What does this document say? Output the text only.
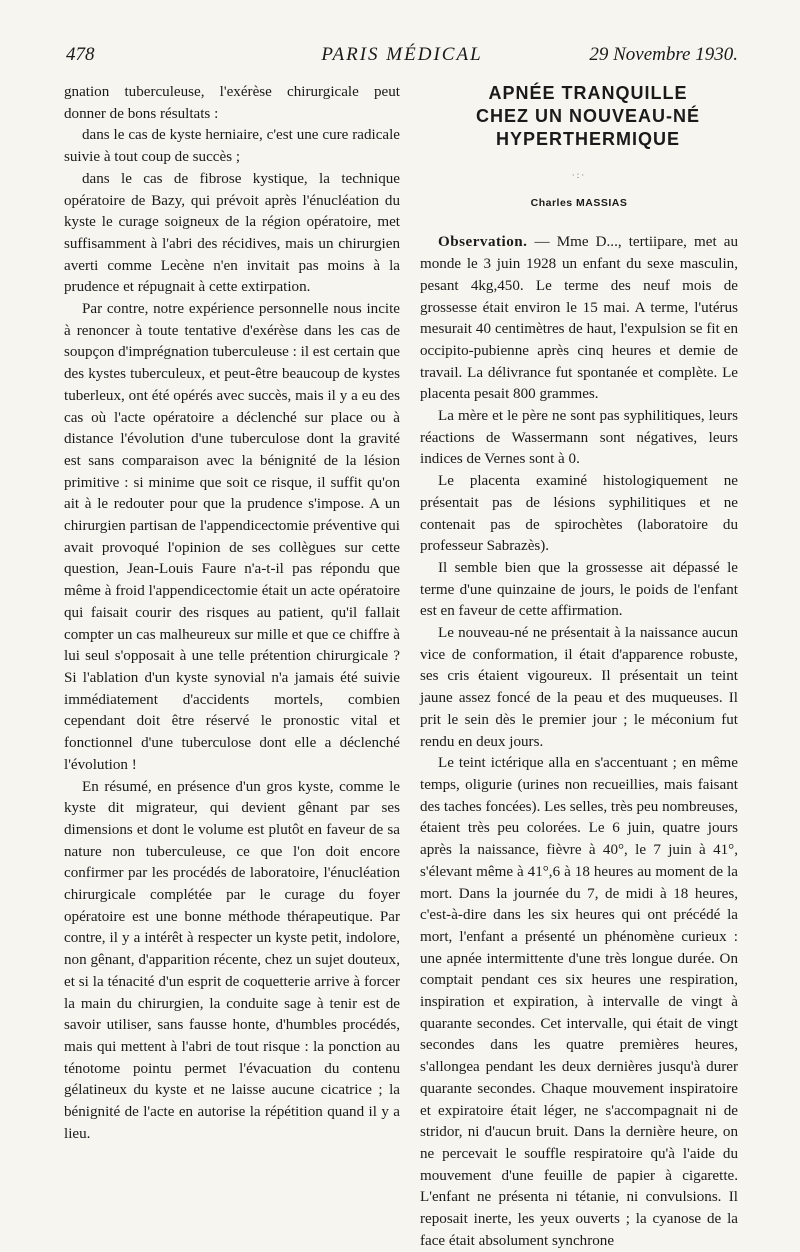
478	PARIS MÉDICAL	29 Novembre 1930.

gnation tuberculeuse, l'exérèse chirurgicale peut donner de bons résultats :

dans le cas de kyste herniaire, c'est une cure radicale suivie à tout coup de succès ;

dans le cas de fibrose kystique, la technique opératoire de Bazy, qui prévoit après l'énucléation du kyste le curage soigneux de la région opératoire, met suffisamment à l'abri des récidives, mais un chirurgien averti comme Lecène n'en invitait pas moins à la prudence et répugnait à cette extirpation.

Par contre, notre expérience personnelle nous incite à renoncer à toute tentative d'exérèse dans les cas de soupçon d'imprégnation tuberculeuse : il est certain que des kystes tuberculeux, et peut-être beaucoup de kystes tuberleux, ont été opérés avec succès, mais il y a eu des cas où l'acte opératoire a déclenché sur place ou à distance l'évolution d'une tuberculose dont la gravité est sans comparaison avec la bénignité de la lésion primitive : si minime que soit ce risque, il suffit qu'on ait à le redouter pour que la prudence s'impose. A un chirurgien partisan de l'appendicectomie préventive qui avait provoqué l'opinion de ses collègues sur cette question, Jean-Louis Faure n'a-t-il pas répondu que même à froid l'appendicectomie était un acte opératoire qui faisait courir des risques au patient, qu'il fallait compter un cas malheureux sur mille et que ce chiffre à lui seul s'opposait à une telle prétention chirurgicale ? Si l'ablation d'un kyste synovial n'a jamais été suivie immédiatement d'accidents mortels, combien cependant doit être réservé le pronostic vital et fonctionnel d'une tuberculose dont elle a déclenché l'évolution !

En résumé, en présence d'un gros kyste, comme le kyste dit migrateur, qui devient gênant par ses dimensions et dont le volume est plutôt en faveur de sa nature non tuberculeuse, ce que l'on doit encore confirmer par les procédés de laboratoire, l'énucléation chirurgicale complétée par le curage du foyer opératoire est une bonne méthode thérapeutique. Par contre, il y a intérêt à respecter un kyste petit, indolore, non gênant, d'apparition récente, chez un sujet douteux, et si la ténacité d'un esprit de coquetterie arrive à forcer la main du chirurgien, la conduite sage à tenir est de savoir utiliser, sans fausse honte, d'humbles procédés, mais qui mettent à l'abri de tout risque : la ponction au ténotome pointu permet l'évacuation du contenu gélatineux du kyste et ne laisse aucune cicatrice ; la bénignité de l'acte en autorise la répétition quand il y a lieu.

APNÉE TRANQUILLE

CHEZ UN NOUVEAU-NÉ

HYPERTHERMIQUE

·:·
Charles MASSIAS

Observation. — Mme D..., tertiipare, met au monde le 3 juin 1928 un enfant du sexe masculin, pesant 4kg,450. Le terme des neuf mois de grossesse était environ le 15 mai. A terme, l'utérus mesurait 40 centimètres de haut, l'expulsion se fit en occipito-pubienne après cinq heures et demie de travail. La délivrance fut spontanée et complète. Le placenta pesait 800 grammes.

La mère et le père ne sont pas syphilitiques, leurs réactions de Wassermann sont négatives, leurs indices de Vernes sont à 0.

Le placenta examiné histologiquement ne présentait pas de lésions syphilitiques et ne contenait pas de spirochètes (laboratoire du professeur Sabrazès).

Il semble bien que la grossesse ait dépassé le terme d'une quinzaine de jours, le poids de l'enfant est en faveur de cette affirmation.

Le nouveau-né ne présentait à la naissance aucun vice de conformation, il était d'apparence robuste, ses cris étaient vigoureux. Il présentait un teint jaune assez foncé de la peau et des muqueuses. Il prit le sein dès le premier jour ; le méconium fut rendu en deux jours.

Le teint ictérique alla en s'accentuant ; en même temps, oligurie (urines non recueillies, mais faisant des taches foncées). Les selles, très peu nombreuses, étaient très peu colorées. Le 6 juin, quatre jours après la naissance, fièvre à 40°, le 7 juin à 41°, s'élevant même à 41°,6 à 18 heures au moment de la mort. Dans la journée du 7, de midi à 18 heures, c'est-à-dire dans les six heures qui ont précédé la mort, l'enfant a présenté un phénomène curieux : une apnée intermittente d'une très longue durée. On comptait pendant ces six heures une respiration, inspiration et expiration, à intervalle de vingt à quarante secondes. Cet intervalle, qui était de vingt secondes dans les quatre premières heures, s'allongea pendant les deux dernières jusqu'à durer quarante secondes. Chaque mouvement inspiratoire et expiratoire était léger, ne s'accompagnait ni de stridor, ni d'aucun bruit. Dans la dernière heure, on ne percevait le souffle respiratoire qu'à l'aide du mouvement d'une feuille de papier à cigarette. L'enfant ne présenta ni tétanie, ni convulsions. Il reposait inerte, les yeux ouverts ; la cyanose de la face était absolument synchrone
